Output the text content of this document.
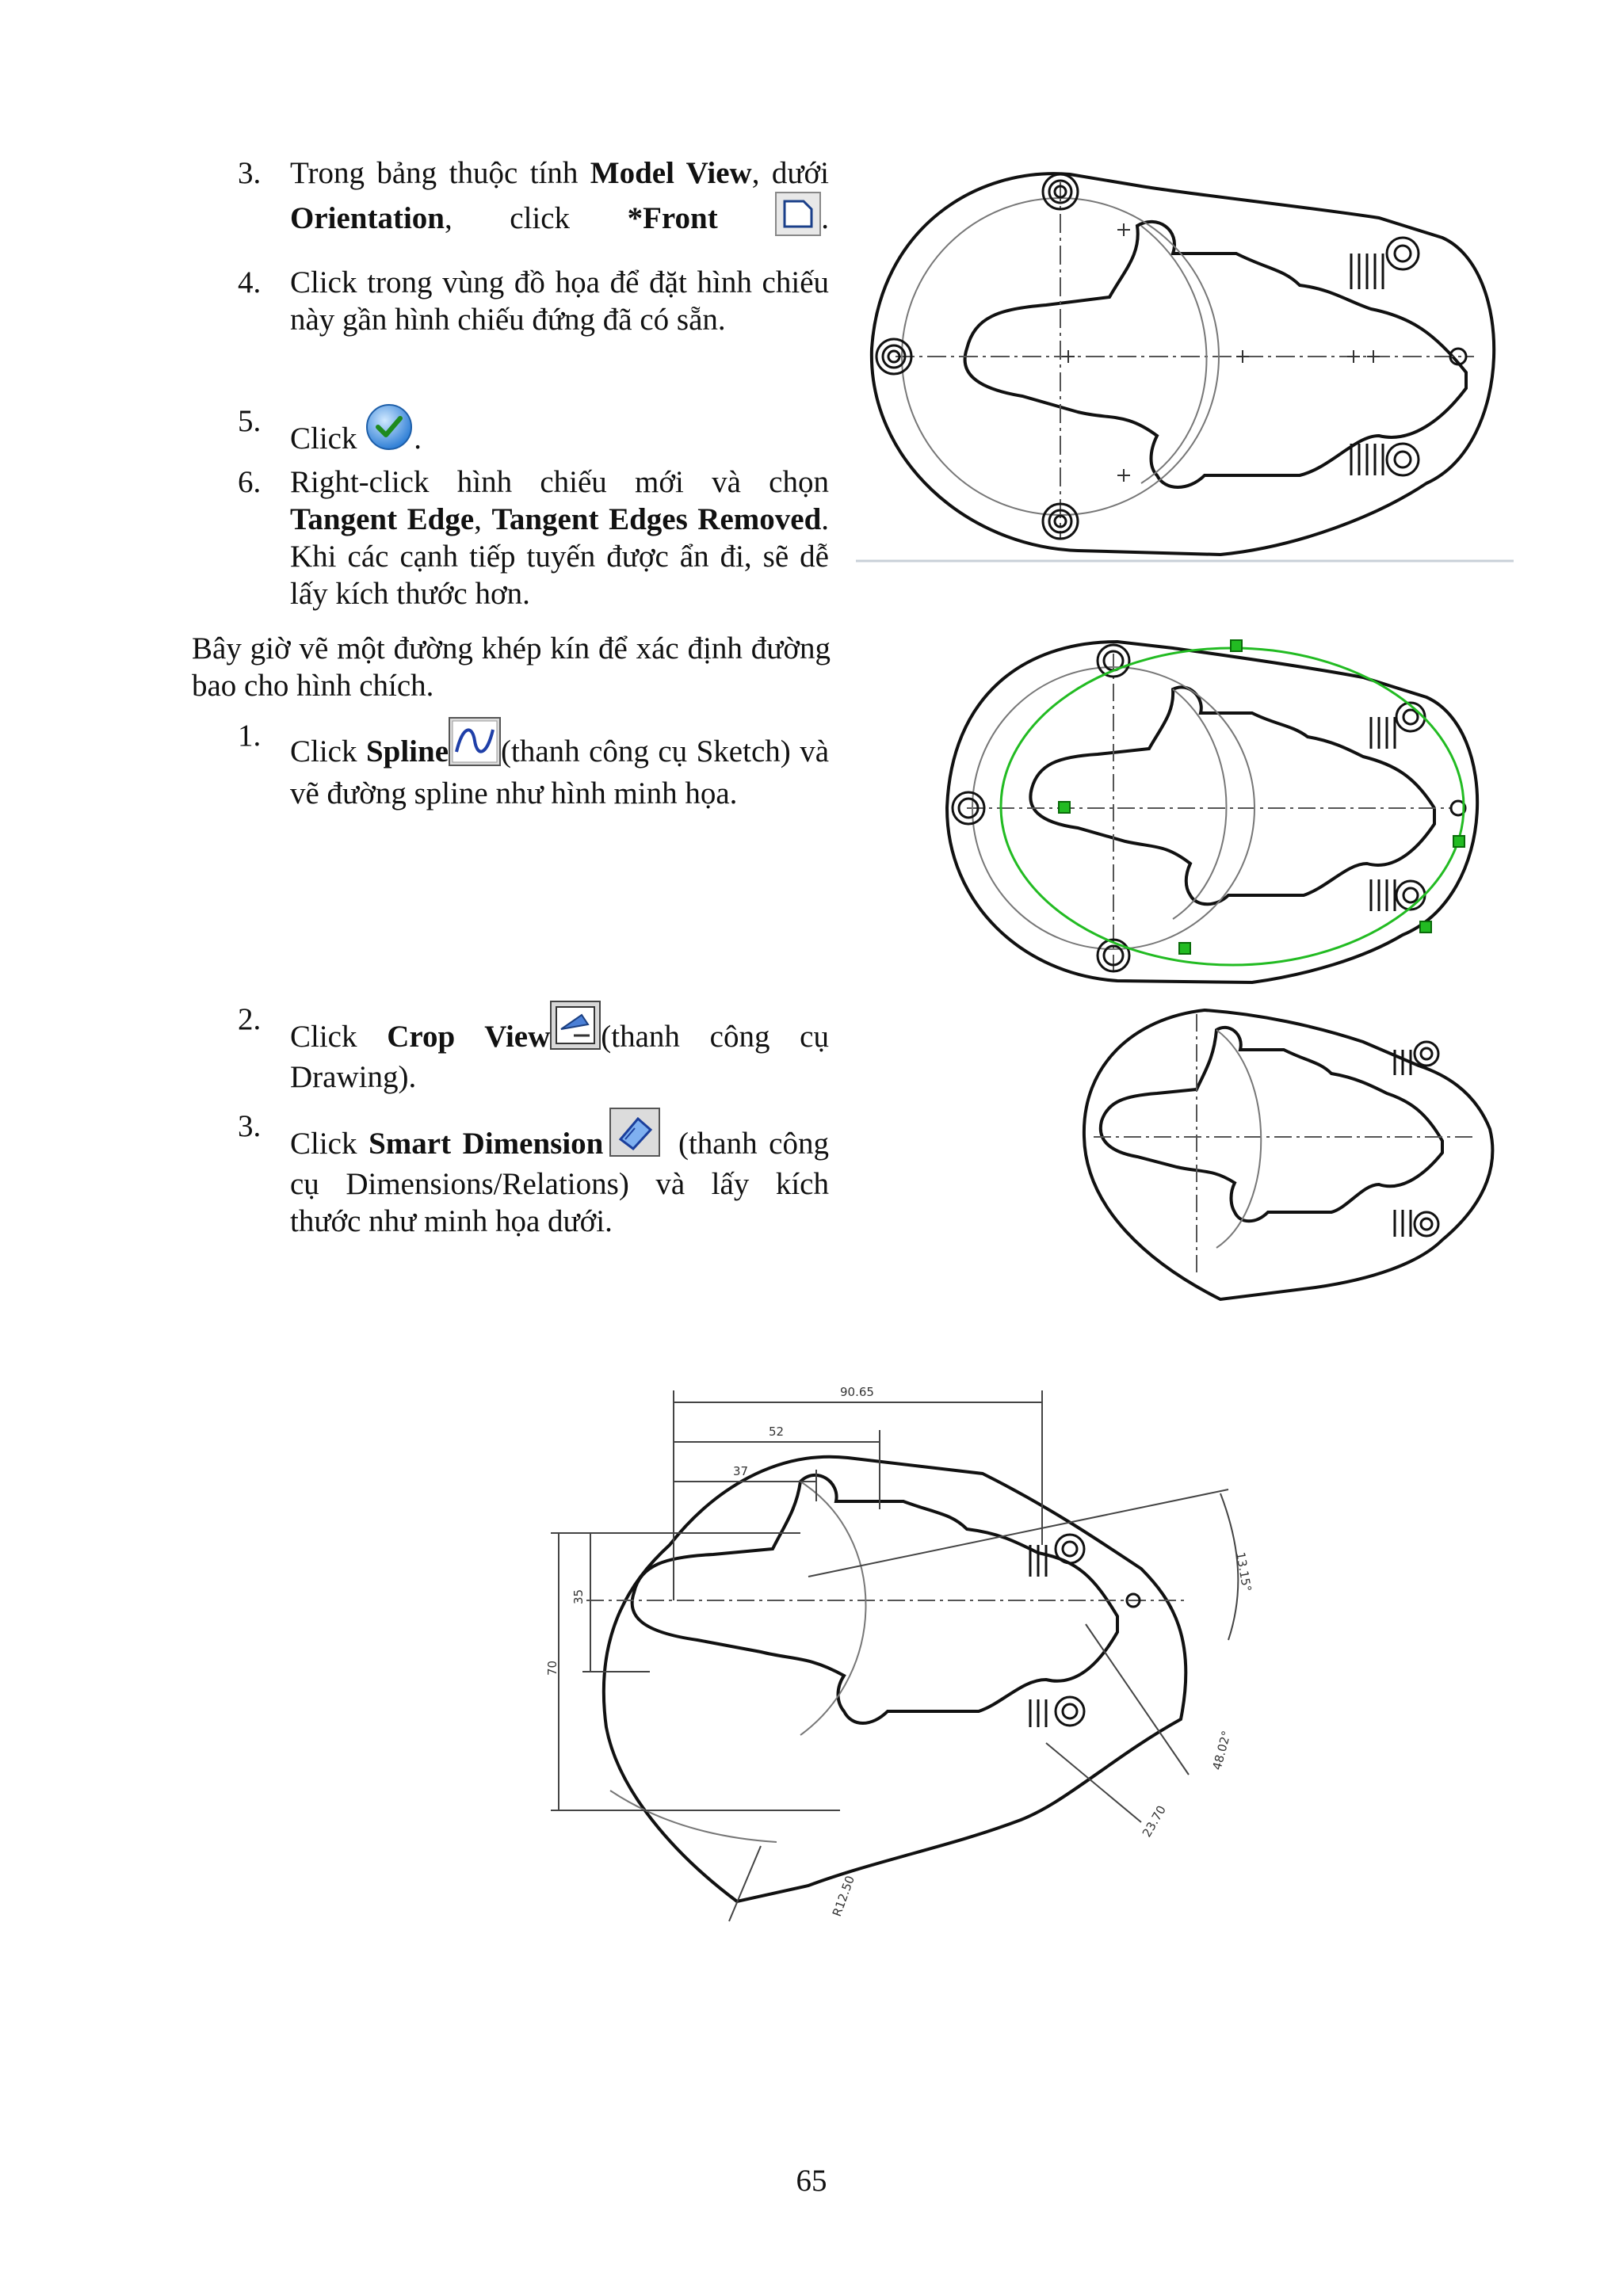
3. Trong bảng thuộc tính Model View, dưới Orientation, click *Front	.
4. Click trong vùng đồ họa để đặt hình chiếu này gần hình chiếu đứng đã có sẵn.
5.
Click .
6. Right-click hình chiếu mới và chọn Tangent Edge, Tangent Edges Removed. Khi các cạnh tiếp tuyến được ẩn đi, sẽ dễ lấy kích thước hơn.
Bây giờ vẽ một đường khép kín để xác định đường bao cho hình chích.
1. Click Spline (thanh công cụ Sketch) và vẽ đường spline như hình minh họa.
2.
Click Crop View (thanh công cụ Drawing).
3.
Click Smart Dimension (thanh công cụ Dimensions/Relations) và lấy kích thước như minh họa dưới.
90.65
52
37
35
70
13.15°
48.02°
23.70
R12.50
65
